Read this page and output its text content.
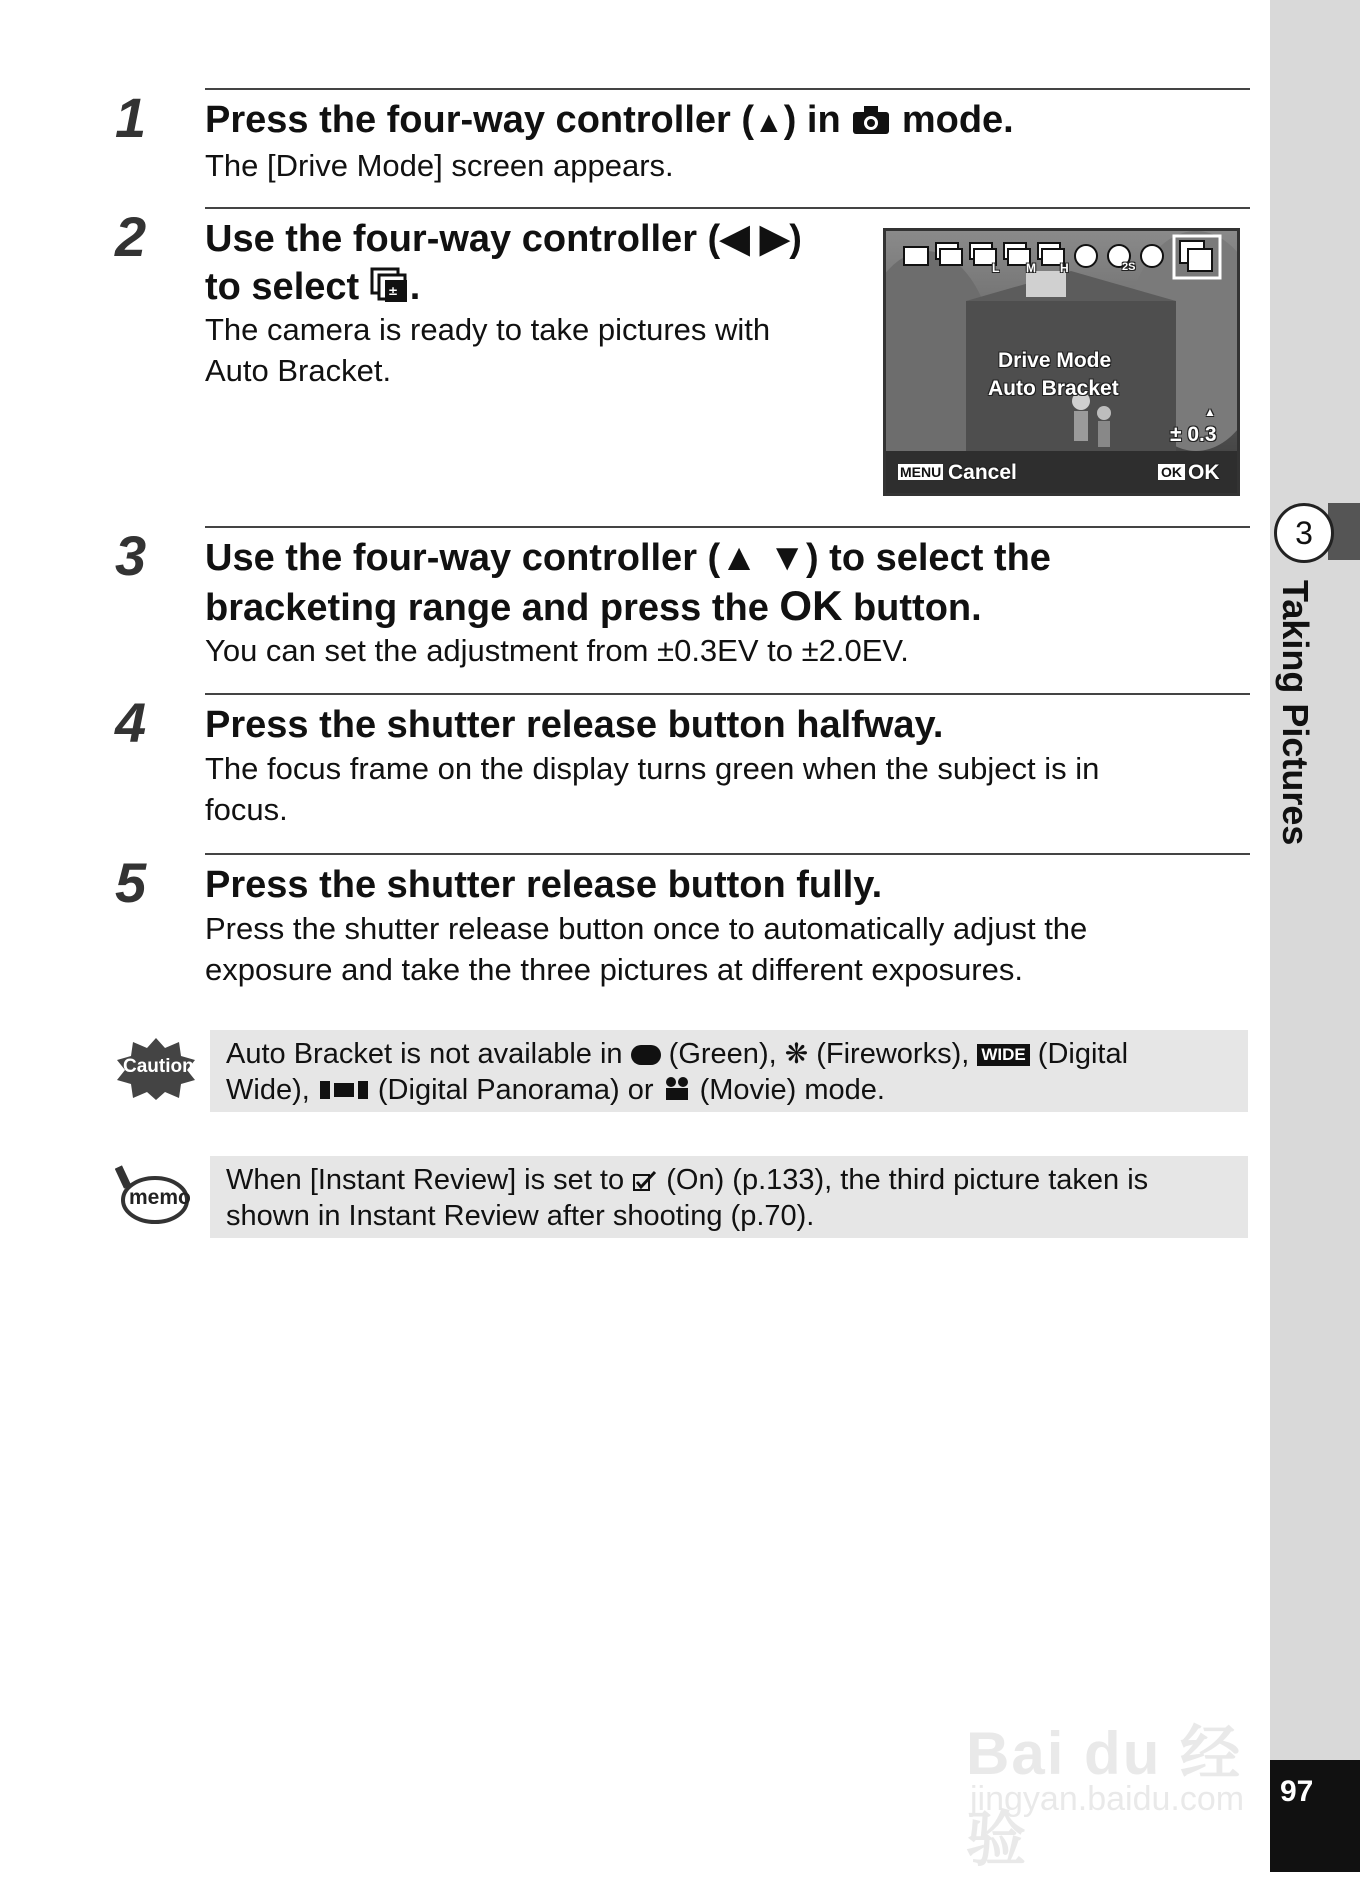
1 Press the four-way controller (▲) in  mode.
The [Drive Mode] screen appears.
2 Use the four-way controller (◀ ▶)
to select ± .
The camera is ready to take pictures with
Auto Bracket.
L M H	2S
Drive Mode
Auto Bracket
▲
± 0.3
MENU Cancel	OK OK
3 Use the four-way controller (▲ ▼) to select the
bracketing range and press the OK button.
You can set the adjustment from ±0.3EV to ±2.0EV.
4 Press the shutter release button halfway.
The focus frame on the display turns green when the subject is in
focus.
5 Press the shutter release button fully.
Press the shutter release button once to automatically adjust the
exposure and take the three pictures at different exposures.
Caution Auto Bracket is not available in  (Green), ❋ (Fireworks), WIDE (Digital
Wide),  (Digital Panorama) or  (Movie) mode.
memo
When [Instant Review] is set to  (On) (p.133), the third picture taken is
shown in Instant Review after shooting (p.70).
3
Taking Pictures
97
Bai du 经验
jingyan.baidu.com
